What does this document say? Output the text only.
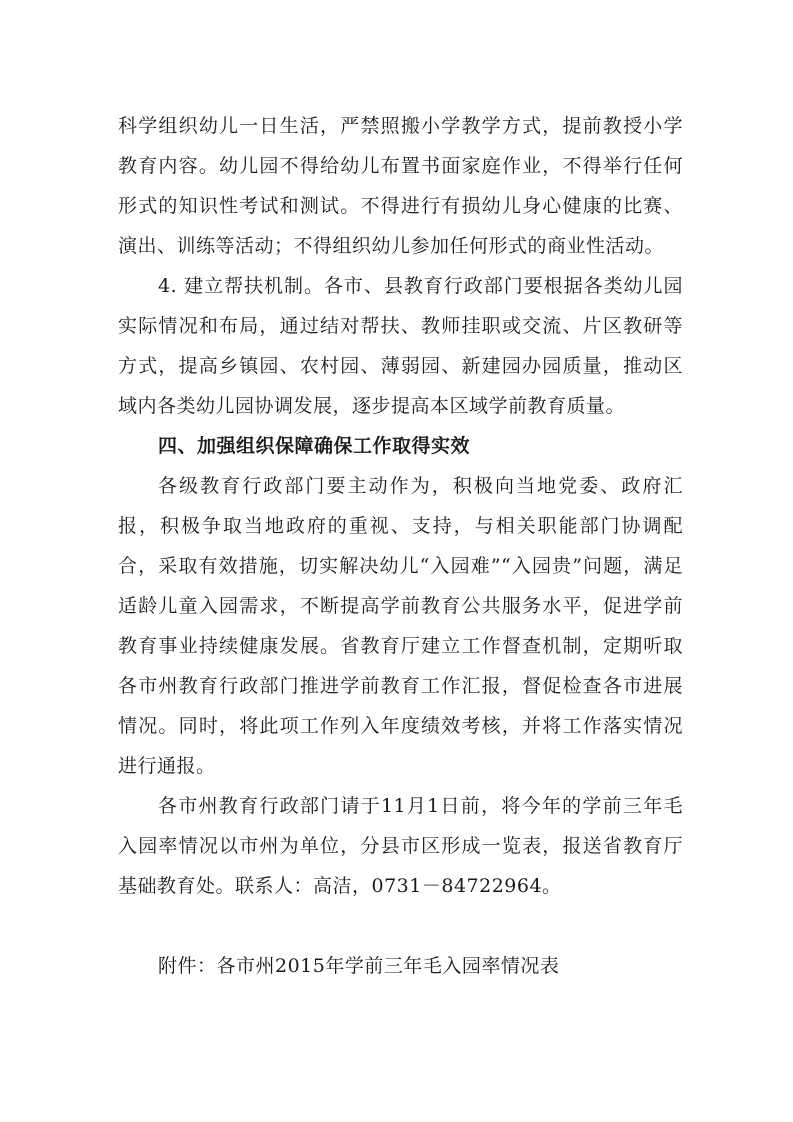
科学组织幼儿一日生活，严禁照搬小学教学方式，提前教授小学教育内容。幼儿园不得给幼儿布置书面家庭作业，不得举行任何形式的知识性考试和测试。不得进行有损幼儿身心健康的比赛、演出、训练等活动；不得组织幼儿参加任何形式的商业性活动。

4. 建立帮扶机制。各市、县教育行政部门要根据各类幼儿园实际情况和布局，通过结对帮扶、教师挂职或交流、片区教研等方式，提高乡镇园、农村园、薄弱园、新建园办园质量，推动区域内各类幼儿园协调发展，逐步提高本区域学前教育质量。

四、加强组织保障确保工作取得实效

各级教育行政部门要主动作为，积极向当地党委、政府汇报，积极争取当地政府的重视、支持，与相关职能部门协调配合，采取有效措施，切实解决幼儿“入园难”“入园贵”问题，满足适龄儿童入园需求，不断提高学前教育公共服务水平，促进学前教育事业持续健康发展。省教育厅建立工作督查机制，定期听取各市州教育行政部门推进学前教育工作汇报，督促检查各市进展情况。同时，将此项工作列入年度绩效考核，并将工作落实情况进行通报。

各市州教育行政部门请于11月1日前，将今年的学前三年毛入园率情况以市州为单位，分县市区形成一览表，报送省教育厅基础教育处。联系人：高洁，0731－84722964。

附件：各市州2015年学前三年毛入园率情况表
